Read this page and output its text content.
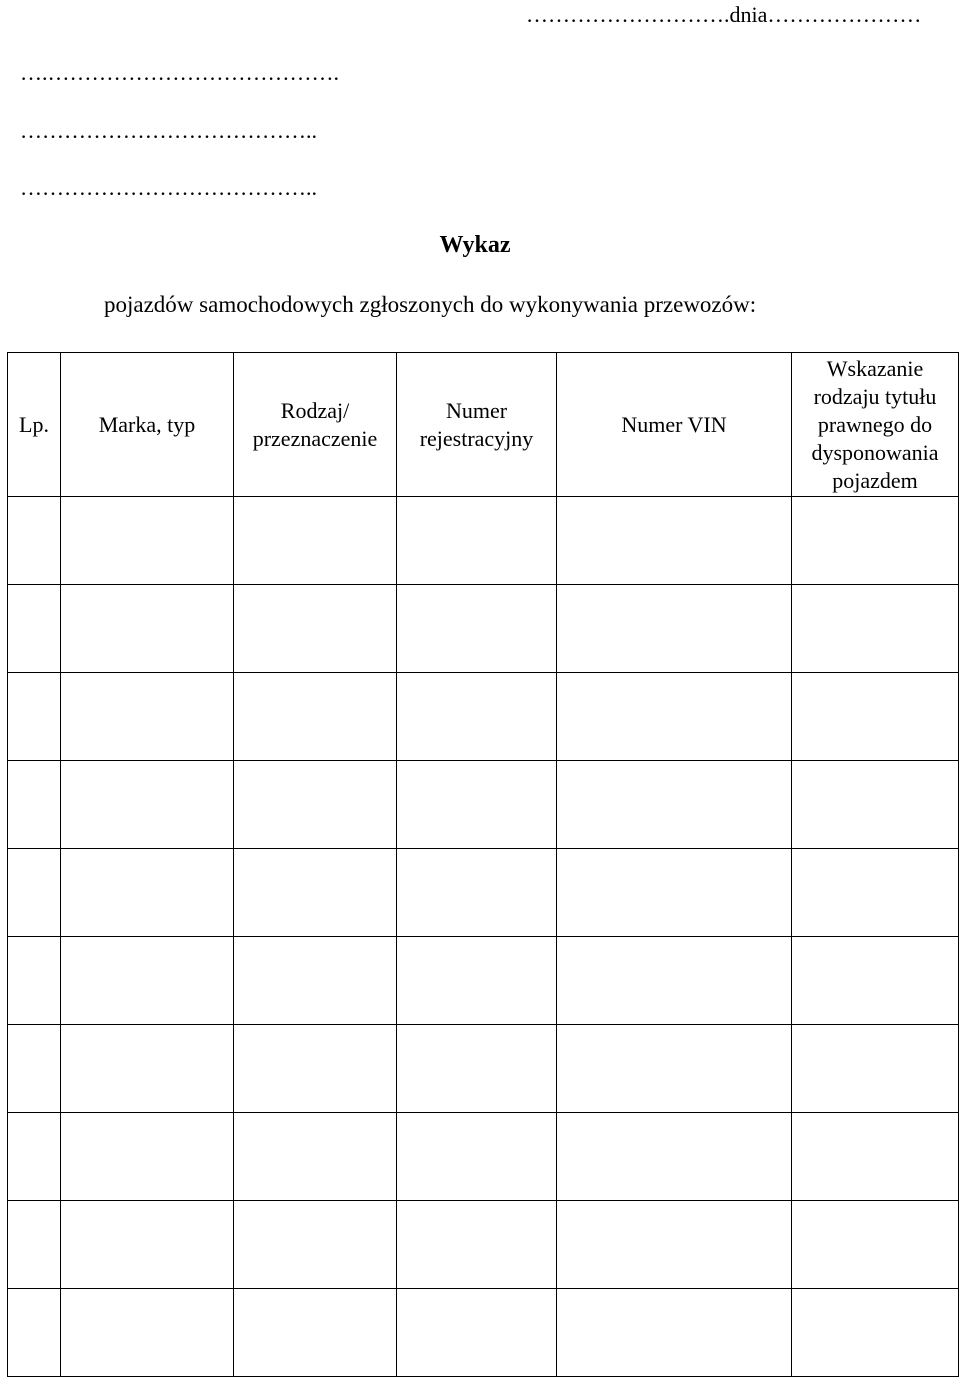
……………………….dnia…………………
….………………………………….
…………………………………..
…………………………………..
Wykaz
pojazdów samochodowych zgłoszonych do wykonywania przewozów:
Lp.	Marka, typ	Rodzaj/ przeznaczenie	Numer rejestracyjny	Numer VIN	Wskazanie rodzaju tytułu prawnego do dysponowania pojazdem
